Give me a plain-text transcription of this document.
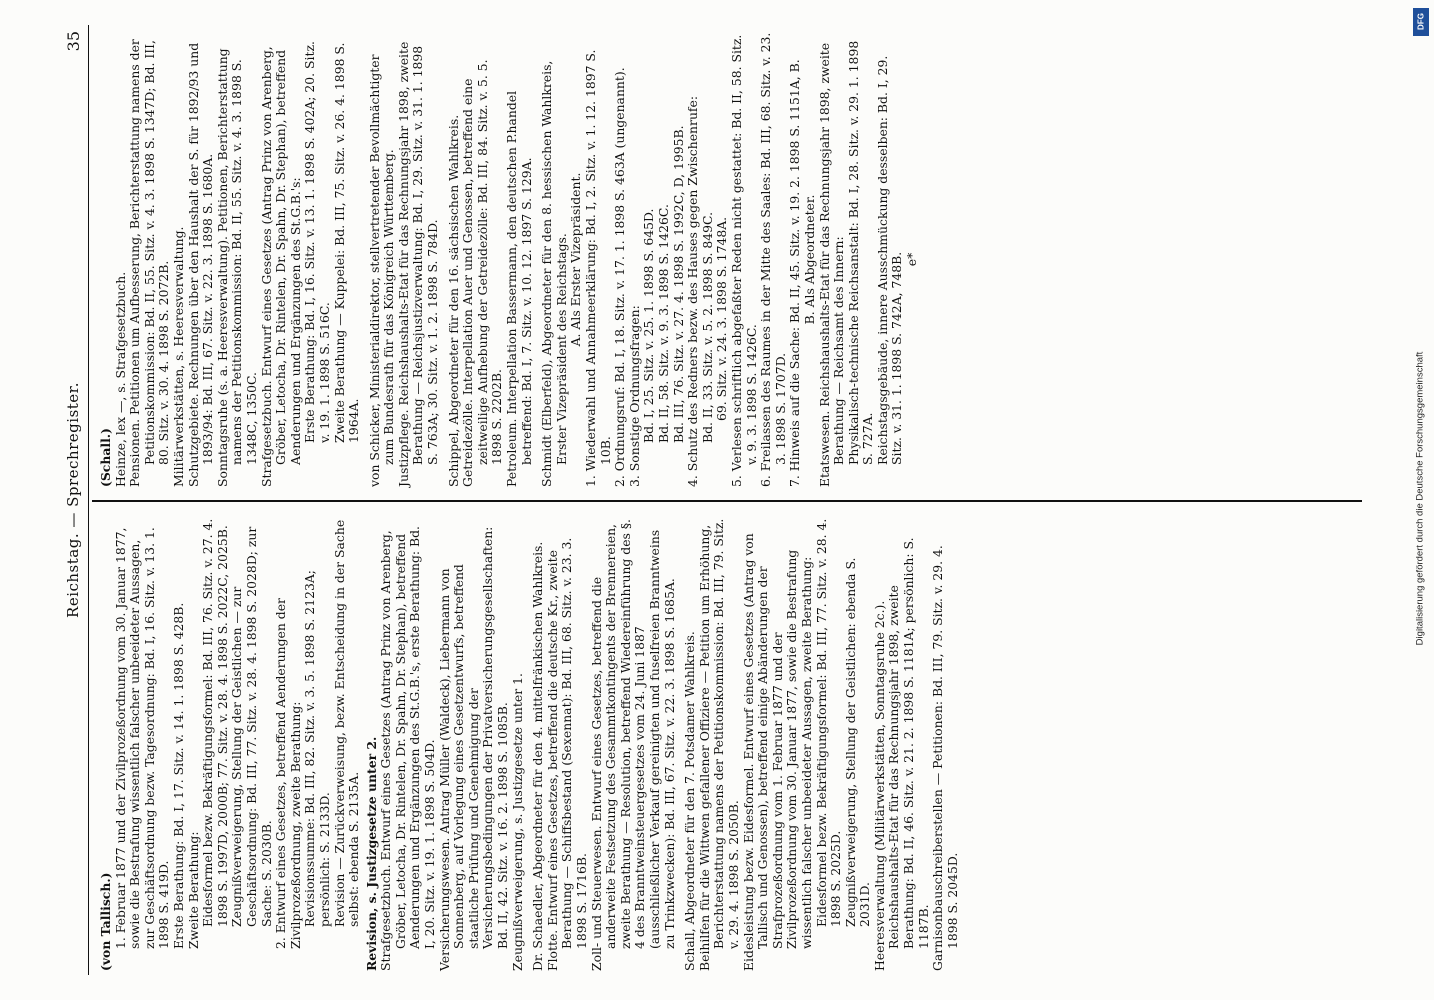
Reichstag. — Sprechregister.
35

(von Tallisch.) 1. Februar 1877 und der Zivilprozeßordnung vom 30. Januar 1877, sowie die Bestrafung wissentlich falscher unbeeideter Aussagen, zur Geschäftsordnung bezw. Tagesordnung: Bd. I, 16. Sitz. v. 13. 1. 1898 S. 419D. Erste Berathung: Bd. I, 17. Sitz. v. 14. 1. 1898 S. 428B. Zweite Berathung: Eidesformel bezw. Bekräftigungsformel: Bd. III, 76. Sitz. v. 27. 4. 1898 S. 1997D, 2000B; 77. Sitz. v. 28. 4. 1898 S. 2022C, 2025B. Zeugnißverweigerung, Stellung der Geistlichen — zur Geschäftsordnung: Bd. III, 77. Sitz. v. 28. 4. 1898 S. 2028D; zur Sache: S. 2030B. 2. Entwurf eines Gesetzes, betreffend Aenderungen der Zivilprozeßordnung, zweite Berathung: Revisionssumme: Bd. III, 82. Sitz. v. 3. 5. 1898 S. 2123A; persönlich: S. 2133D. Revision — Zurückverweisung, bezw. Entscheidung in der Sache selbst: ebenda S. 2135A. Revision, s. Justizgesetze unter 2. Strafgesetzbuch. Entwurf eines Gesetzes (Antrag Prinz von Arenberg, Gröber, Letocha, Dr. Rintelen, Dr. Spahn, Dr. Stephan), betreffend Aenderungen und Ergänzungen des St.G.B.'s, erste Berathung: Bd. I, 20. Sitz. v. 19. 1. 1898 S. 504D. Versicherungswesen. Antrag Müller (Waldeck), Liebermann von Sonnenberg, auf Vorlegung eines Gesetzentwurfs, betreffend staatliche Prüfung und Genehmigung der Versicherungsbedingungen der Privatversicherungsgesellschaften: Bd. II, 42. Sitz. v. 16. 2. 1898 S. 1085B. Zeugnißverweigerung, s. Justizgesetze unter 1. Dr. Schaedler, Abgeordneter für den 4. mittelfränkischen Wahlkreis. Flotte. Entwurf eines Gesetzes, betreffend die deutsche Kr., zweite Berathung — Schiffsbestand (Sexennat): Bd. III, 68. Sitz. v. 23. 3. 1898 S. 1716B. Zoll- und Steuerwesen. Entwurf eines Gesetzes, betreffend die anderweite Festsetzung des Gesammtkontingents der Brennereien, zweite Berathung — Resolution, betreffend Wiedereinführung des §. 4 des Branntweinsteuergesetzes vom 24. Juni 1887 (ausschließlicher Verkauf gereinigten und fuselfreien Branntweins zu Trinkzwecken): Bd. III, 67. Sitz. v. 22. 3. 1898 S. 1685A. Schall, Abgeordneter für den 7. Potsdamer Wahlkreis. Beihilfen für die Wittwen gefallener Offiziere — Petition um Erhöhung, Berichterstattung namens der Petitionskommission: Bd. III, 79. Sitz. v. 29. 4. 1898 S. 2050B. Eidesleistung bezw. Eidesformel. Entwurf eines Gesetzes (Antrag von Tallisch und Genossen), betreffend einige Abänderungen der Strafprozeßordnung vom 1. Februar 1877 und der Zivilprozeßordnung vom 30. Januar 1877, sowie die Bestrafung wissentlich falscher unbeeideter Aussagen, zweite Berathung: Eidesformel bezw. Bekräftigungsformel: Bd. III, 77. Sitz. v. 28. 4. 1898 S. 2025D. Zeugnißverweigerung, Stellung der Geistlichen: ebenda S. 2031D. Heeresverwaltung (Militärwerkstätten, Sonntagsruhe 2c.). Reichshaushalts-Etat für das Rechnungsjahr 1898, zweite Berathung: Bd. II, 46. Sitz. v. 21. 2. 1898 S. 1181A; persönlich: S. 1187B. Garnisonbauschreiberstellen — Petitionen: Bd. III, 79. Sitz. v. 29. 4. 1898 S. 2045D.

(Schall.) Heinze, lex —, s. Strafgesetzbuch. Pensionen. Petitionen um Aufbesserung, Berichterstattung namens der Petitionskommission: Bd. II, 55. Sitz. v. 4. 3. 1898 S. 1347D; Bd. III, 80. Sitz. v. 30. 4. 1898 S. 2072B. Militärwerkstätten, s. Heeresverwaltung. Schutzgebiete. Rechnungen über den Haushalt der S. für 1892/93 und 1893/94: Bd. III, 67. Sitz. v. 22. 3. 1898 S. 1680A. Sonntagsruhe (s. a. Heeresverwaltung). Petitionen, Berichterstattung namens der Petitionskommission: Bd. II, 55. Sitz. v. 4. 3. 1898 S. 1348C, 1350C. Strafgesetzbuch. Entwurf eines Gesetzes (Antrag Prinz von Arenberg, Gröber, Letocha, Dr. Rintelen, Dr. Spahn, Dr. Stephan), betreffend Aenderungen und Ergänzungen des St.G.B.'s: Erste Berathung: Bd. I, 16. Sitz. v. 13. 1. 1898 S. 402A; 20. Sitz. v. 19. 1. 1898 S. 516C. Zweite Berathung — Kuppelei: Bd. III, 75. Sitz. v. 26. 4. 1898 S. 1964A. von Schicker, Ministerialdirektor, stellvertretender Bevollmächtigter zum Bundesrath für das Königreich Württemberg. Justizpflege. Reichshaushalts-Etat für das Rechnungsjahr 1898, zweite Berathung — Reichsjustizverwaltung: Bd. I, 29. Sitz. v. 31. 1. 1898 S. 763A; 30. Sitz. v. 1. 2. 1898 S. 784D. Schippel, Abgeordneter für den 16. sächsischen Wahlkreis. Getreidezölle. Interpellation Auer und Genossen, betreffend eine zeitweilige Aufhebung der Getreidezölle: Bd. III, 84. Sitz. v. 5. 5. 1898 S. 2202B. Petroleum. Interpellation Bassermann, den deutschen P.handel betreffend: Bd. I, 7. Sitz. v. 10. 12. 1897 S. 129A. Schmidt (Elberfeld), Abgeordneter für den 8. hessischen Wahlkreis, Erster Vizepräsident des Reichstags. A. Als Erster Vizepräsident. 1. Wiederwahl und Annahmeerklärung: Bd. I, 2. Sitz. v. 1. 12. 1897 S. 10B. 2. Ordnungsruf: Bd. I, 18. Sitz. v. 17. 1. 1898 S. 463A (ungenannt). 3. Sonstige Ordnungsfragen: Bd. I, 25. Sitz. v. 25. 1. 1898 S. 645D. Bd. II, 58. Sitz. v. 9. 3. 1898 S. 1426C. Bd. III, 76. Sitz. v. 27. 4. 1898 S. 1992C, D, 1995B. 4. Schutz des Redners bezw. des Hauses gegen Zwischenrufe: Bd. II, 33. Sitz. v. 5. 2. 1898 S. 849C. 69. Sitz. v. 24. 3. 1898 S. 1748A. 5. Verlesen schriftlich abgefaßter Reden nicht gestattet: Bd. II, 58. Sitz. v. 9. 3. 1898 S. 1426C. 6. Freilassen des Raumes in der Mitte des Saales: Bd. III, 68. Sitz. v. 23. 3. 1898 S. 1707D. 7. Hinweis auf die Sache: Bd. II, 45. Sitz. v. 19. 2. 1898 S. 1151A, B. B. Als Abgeordneter. Etatswesen. Reichshaushalts-Etat für das Rechnungsjahr 1898, zweite Berathung — Reichsamt des Innern: Physikalisch-technische Reichsanstalt: Bd. I, 28. Sitz. v. 29. 1. 1898 S. 727A. Reichstagsgebäude, innere Ausschmückung desselben: Bd. I, 29. Sitz. v. 31. 1. 1898 S. 742A, 748B. e*

DFG
Digitalisierung gefördert durch die Deutsche Forschungsgemeinschaft
